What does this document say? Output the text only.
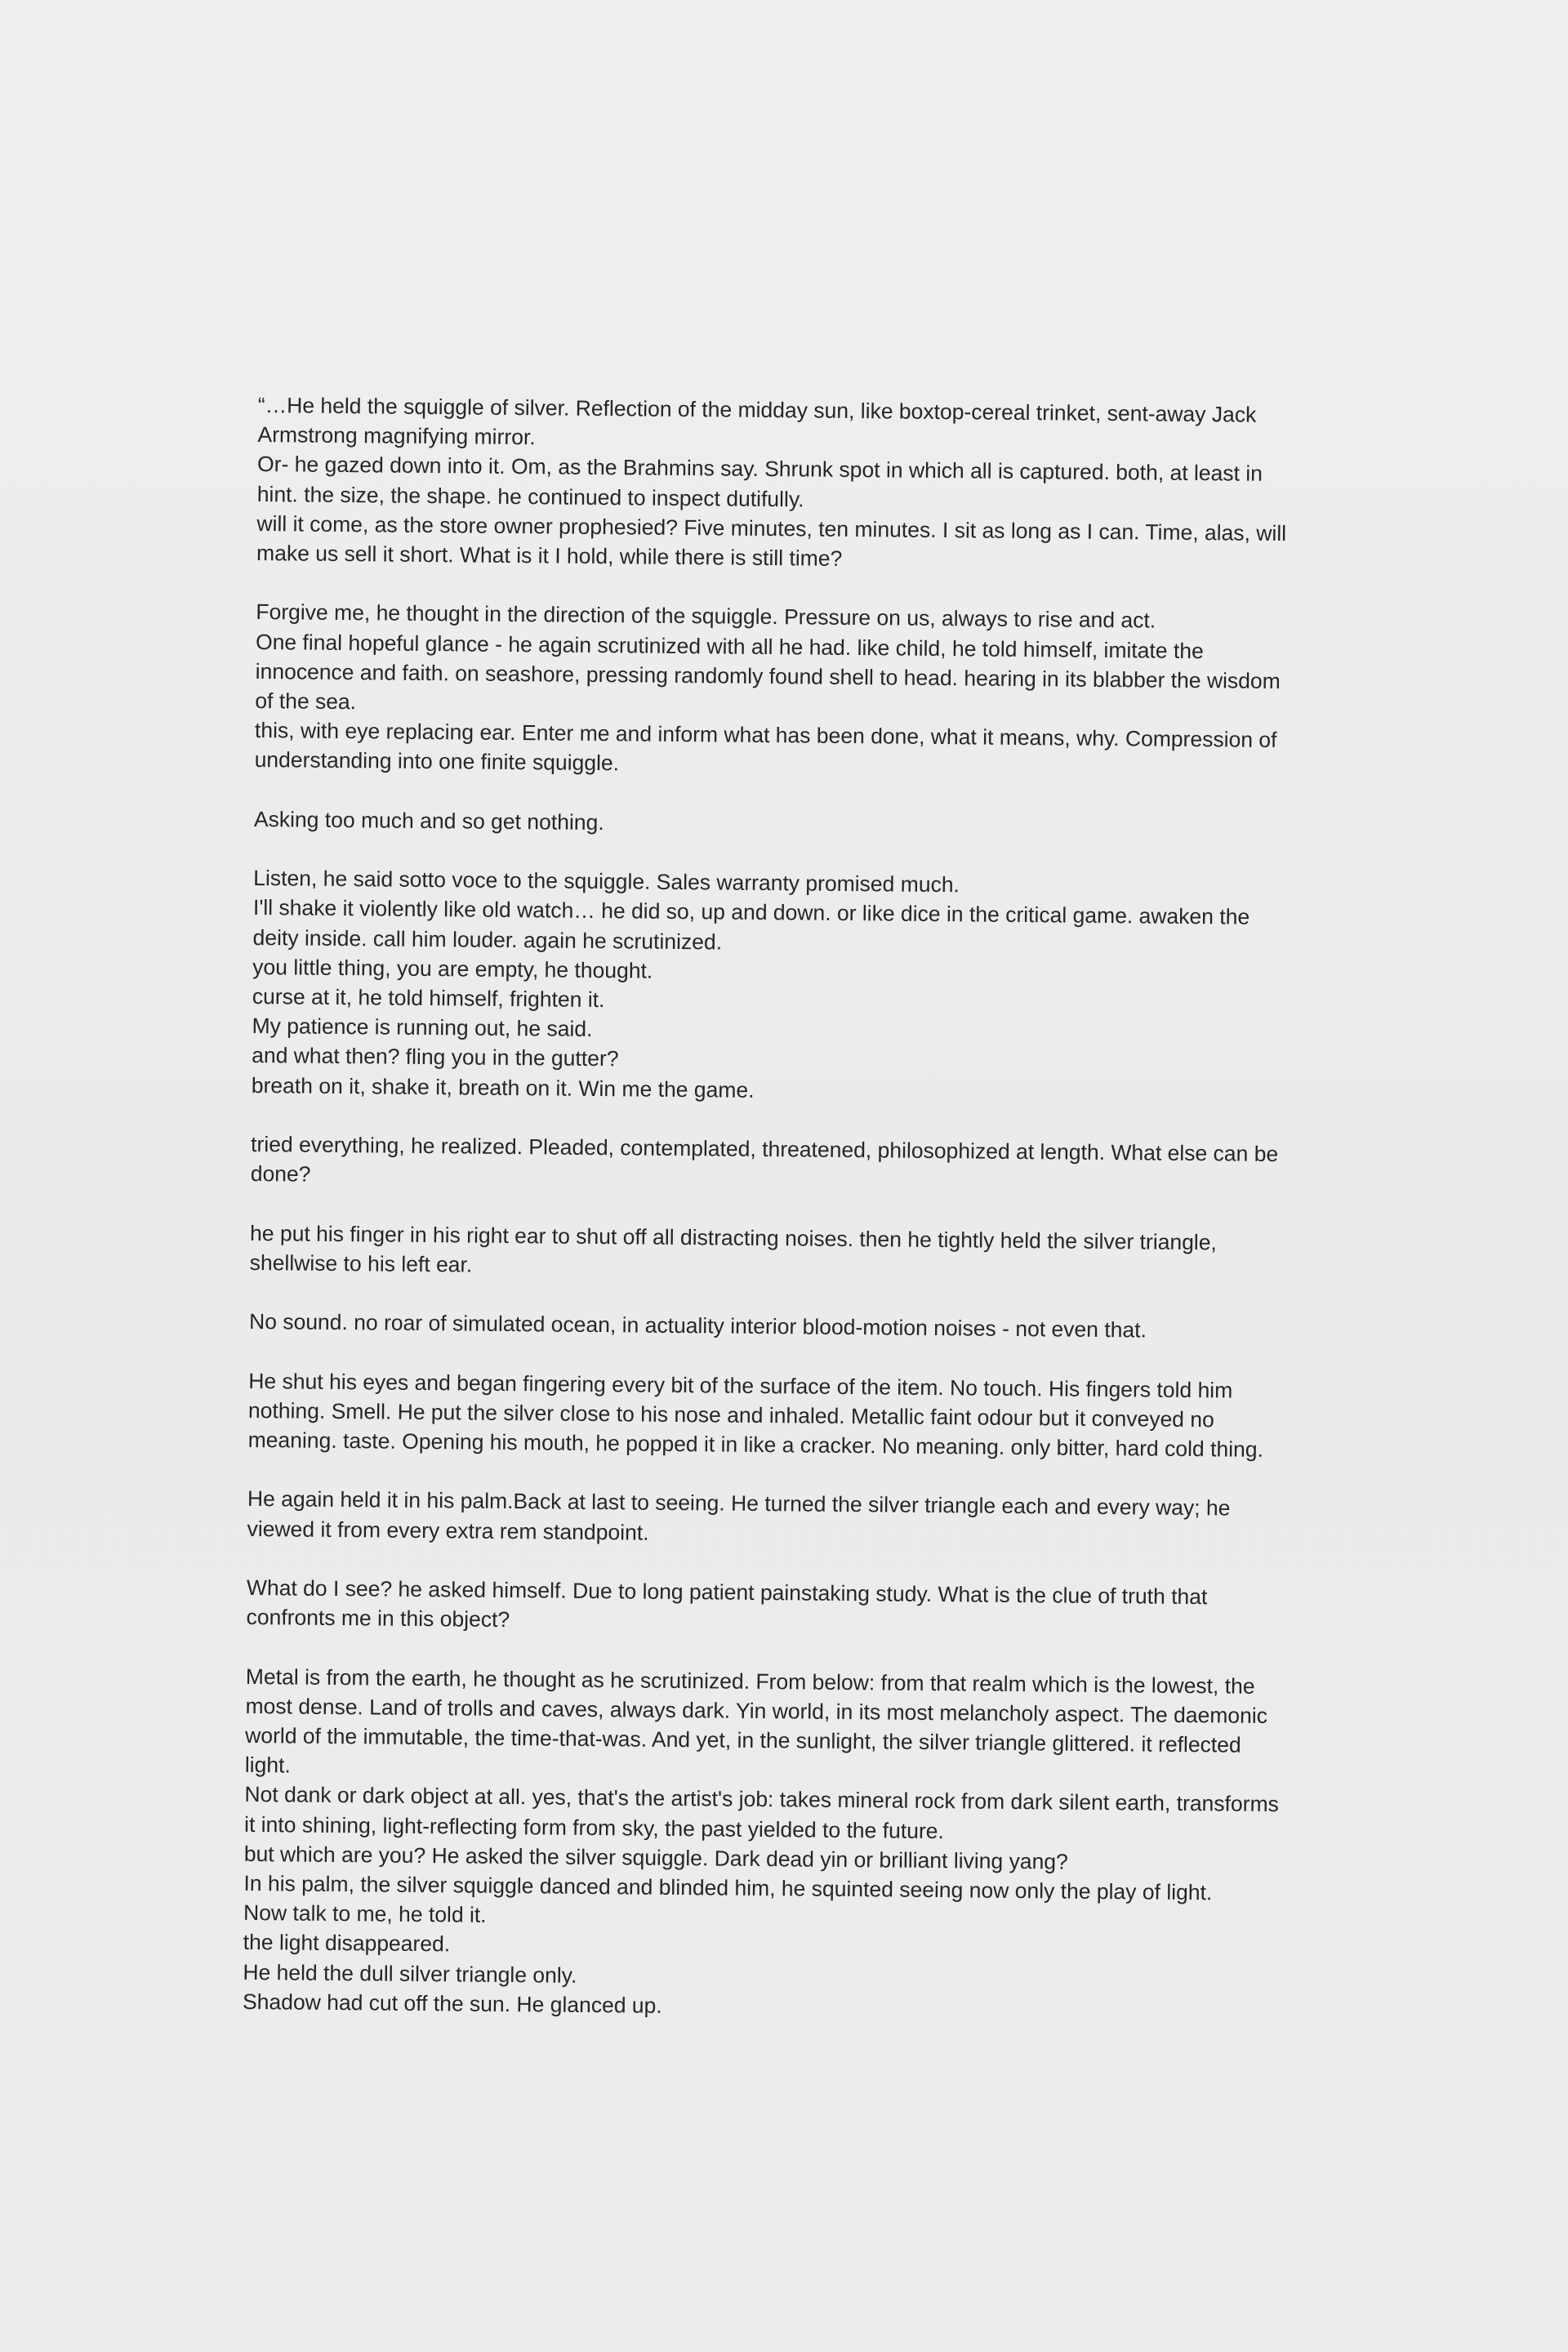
“…He held the squiggle of silver. Reflection of the midday sun, like boxtop-cereal trinket, sent-away Jack
Armstrong magnifying mirror.
Or- he gazed down into it. Om, as the Brahmins say. Shrunk spot in which all is captured. both, at least in
hint. the size, the shape. he continued to inspect dutifully.
will it come, as the store owner prophesied? Five minutes, ten minutes. I sit as long as I can. Time, alas, will
make us sell it short. What is it I hold, while there is still time?
Forgive me, he thought in the direction of the squiggle. Pressure on us, always to rise and act.
One final hopeful glance - he again scrutinized with all he had. like child, he told himself, imitate the
innocence and faith. on seashore, pressing randomly found shell to head. hearing in its blabber the wisdom
of the sea.
this, with eye replacing ear. Enter me and inform what has been done, what it means, why. Compression of
understanding into one finite squiggle.
Asking too much and so get nothing.
Listen, he said sotto voce to the squiggle. Sales warranty promised much.
I'll shake it violently like old watch… he did so, up and down. or like dice in the critical game. awaken the
deity inside. call him louder. again he scrutinized.
you little thing, you are empty, he thought.
curse at it, he told himself, frighten it.
My patience is running out, he said.
and what then? fling you in the gutter?
breath on it, shake it, breath on it. Win me the game.
tried everything, he realized. Pleaded, contemplated, threatened, philosophized at length. What else can be
done?
he put his finger in his right ear to shut off all distracting noises. then he tightly held the silver triangle,
shellwise to his left ear.
No sound. no roar of simulated ocean, in actuality interior blood-motion noises - not even that.
He shut his eyes and began fingering every bit of the surface of the item. No touch. His fingers told him
nothing. Smell. He put the silver close to his nose and inhaled. Metallic faint odour but it conveyed no
meaning. taste. Opening his mouth, he popped it in like a cracker. No meaning. only bitter, hard cold thing.
He again held it in his palm.Back at last to seeing. He turned the silver triangle each and every way; he
viewed it from every extra rem standpoint.
What do I see? he asked himself. Due to long patient painstaking study. What is the clue of truth that
confronts me in this object?
Metal is from the earth, he thought as he scrutinized. From below: from that realm which is the lowest, the
most dense. Land of trolls and caves, always dark. Yin world, in its most melancholy aspect. The daemonic
world of the immutable, the time-that-was. And yet, in the sunlight, the silver triangle glittered. it reflected
light.
Not dank or dark object at all. yes, that's the artist's job: takes mineral rock from dark silent earth, transforms
it into shining, light-reflecting form from sky, the past yielded to the future.
but which are you? He asked the silver squiggle. Dark dead yin or brilliant living yang?
In his palm, the silver squiggle danced and blinded him, he squinted seeing now only the play of light.
Now talk to me, he told it.
the light disappeared.
He held the dull silver triangle only.
Shadow had cut off the sun. He glanced up.
